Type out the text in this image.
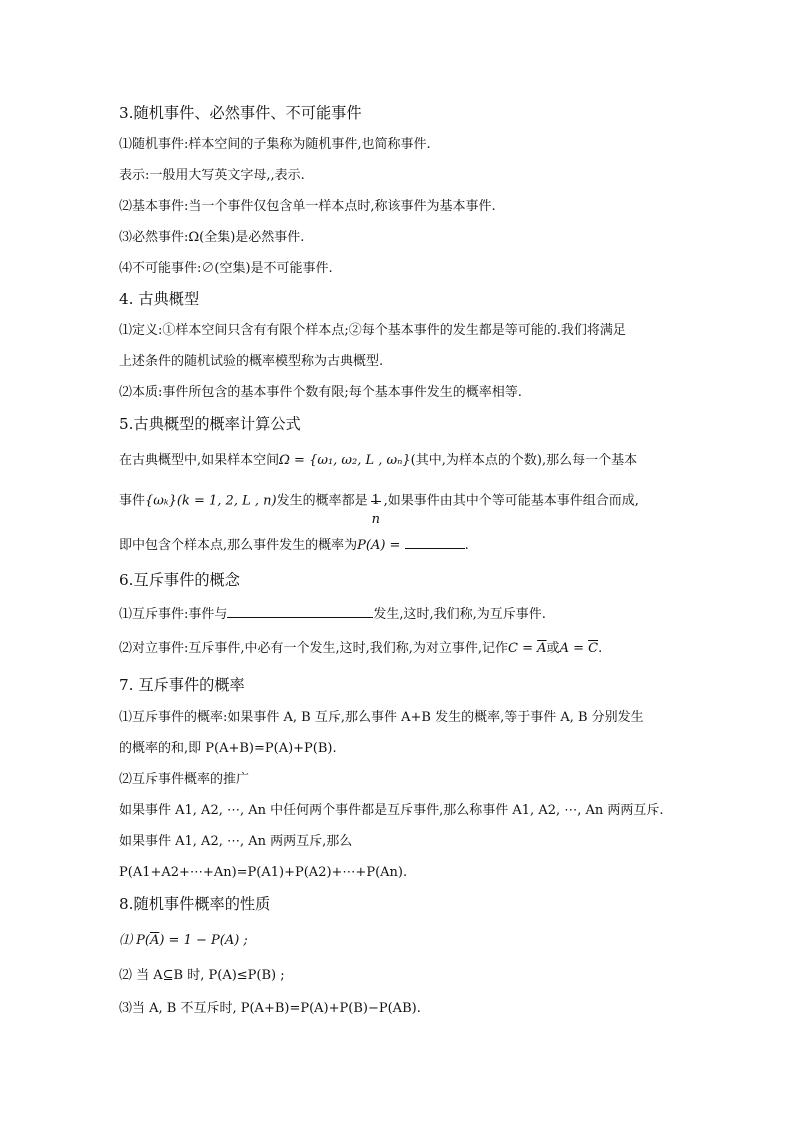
3.随机事件、必然事件、不可能事件

⑴随机事件:样本空间的子集称为随机事件,也简称事件.

表示:一般用大写英文字母,,表示.

⑵基本事件:当一个事件仅包含单一样本点时,称该事件为基本事件.

⑶必然事件:Ω(全集)是必然事件.

⑷不可能事件:∅(空集)是不可能事件.

4. 古典概型

⑴定义:①样本空间只含有有限个样本点;②每个基本事件的发生都是等可能的.我们将满足

上述条件的随机试验的概率模型称为古典概型.

⑵本质:事件所包含的基本事件个数有限;每个基本事件发生的概率相等.

5.古典概型的概率计算公式

在古典概型中,如果样本空间Ω = {ω₁, ω₂, L , ωₙ}(其中,为样本点的个数),那么每一个基本

事件{ωₖ}(k = 1, 2, L , n)发生的概率都是 1
n
,如果事件由其中个等可能基本事件组合而成,

即中包含个样本点,那么事件发生的概率为P(A) =	.

6.互斥事件的概念

⑴互斥事件:事件与	发生,这时,我们称,为互斥事件.

⑵对立事件:互斥事件,中必有一个发生,这时,我们称,为对立事件,记作$C = \overline{A}$或$A = \overline{C}$.

7. 互斥事件的概率

⑴互斥事件的概率:如果事件 A, B 互斥,那么事件 A+B 发生的概率,等于事件 A, B 分别发生

的概率的和,即 P(A+B)=P(A)+P(B).

⑵互斥事件概率的推广

如果事件 A1, A2, ⋯, An 中任何两个事件都是互斥事件,那么称事件 A1, A2, ⋯, An 两两互斥.

如果事件 A1, A2, ⋯, An 两两互斥,那么

P(A1+A2+⋯+An)=P(A1)+P(A2)+⋯+P(An).

8.随机事件概率的性质

⑴ $P(\overline{A}) = 1 - P(A)$ ;

⑵ 当 A⊆B 时, P(A)≤P(B) ;

⑶当 A, B 不互斥时, P(A+B)=P(A)+P(B)−P(AB).
